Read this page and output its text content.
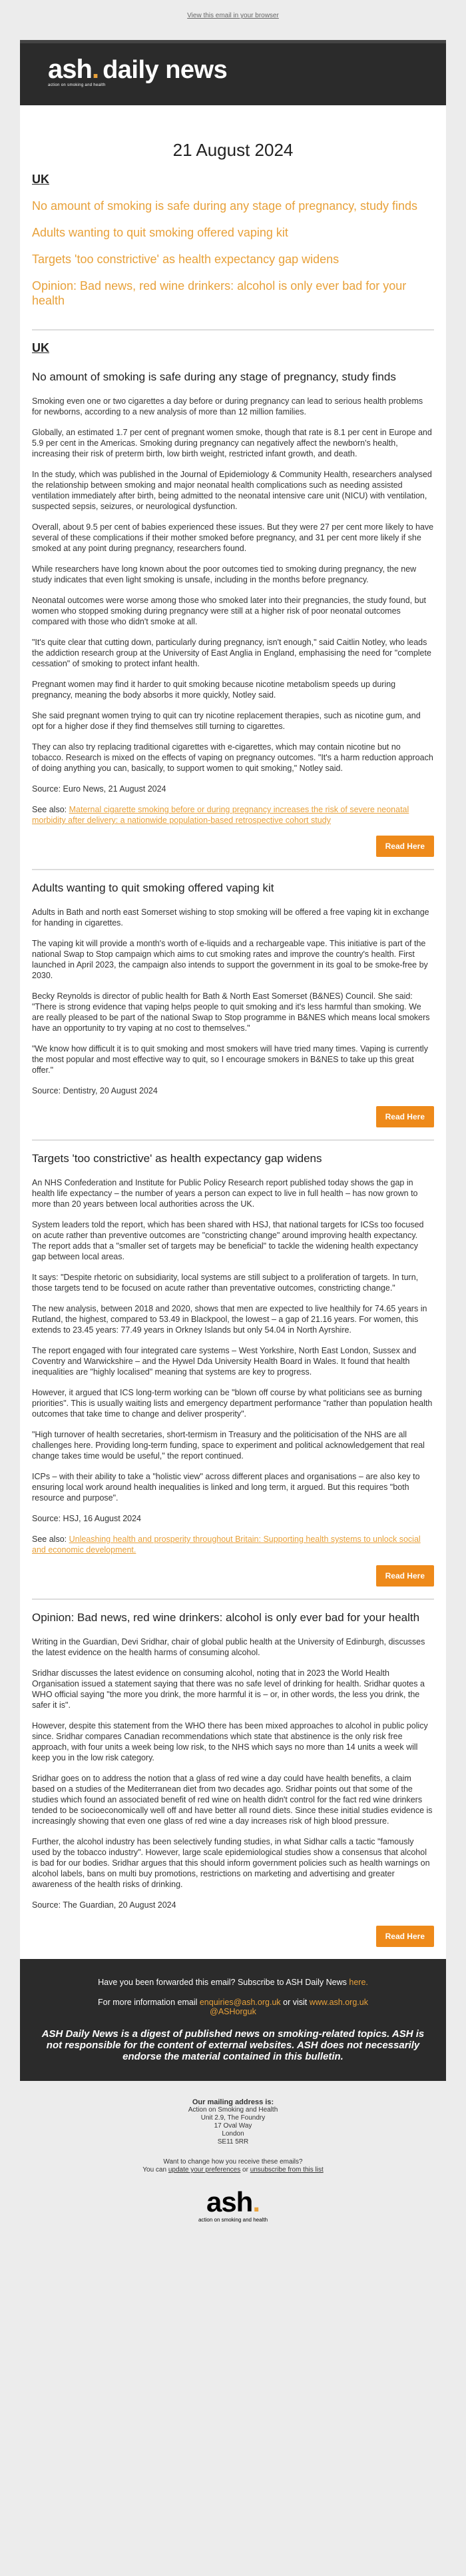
View this email in your browser
ash. daily news
action on smoking and health
21 August 2024
UK
No amount of smoking is safe during any stage of pregnancy, study finds
Adults wanting to quit smoking offered vaping kit
Targets 'too constrictive' as health expectancy gap widens
Opinion: Bad news, red wine drinkers: alcohol is only ever bad for your health
UK
No amount of smoking is safe during any stage of pregnancy, study finds

Smoking even one or two cigarettes a day before or during pregnancy can lead to serious health problems for newborns, according to a new analysis of more than 12 million families.

Globally, an estimated 1.7 per cent of pregnant women smoke, though that rate is 8.1 per cent in Europe and 5.9 per cent in the Americas. Smoking during pregnancy can negatively affect the newborn's health, increasing their risk of preterm birth, low birth weight, restricted infant growth, and death.

In the study, which was published in the Journal of Epidemiology & Community Health, researchers analysed the relationship between smoking and major neonatal health complications such as needing assisted ventilation immediately after birth, being admitted to the neonatal intensive care unit (NICU) with ventilation, suspected sepsis, seizures, or neurological dysfunction.

Overall, about 9.5 per cent of babies experienced these issues. But they were 27 per cent more likely to have several of these complications if their mother smoked before pregnancy, and 31 per cent more likely if she smoked at any point during pregnancy, researchers found.

While researchers have long known about the poor outcomes tied to smoking during pregnancy, the new study indicates that even light smoking is unsafe, including in the months before pregnancy.

Neonatal outcomes were worse among those who smoked later into their pregnancies, the study found, but women who stopped smoking during pregnancy were still at a higher risk of poor neonatal outcomes compared with those who didn't smoke at all.

"It's quite clear that cutting down, particularly during pregnancy, isn't enough," said Caitlin Notley, who leads the addiction research group at the University of East Anglia in England, emphasising the need for "complete cessation" of smoking to protect infant health.

Pregnant women may find it harder to quit smoking because nicotine metabolism speeds up during pregnancy, meaning the body absorbs it more quickly, Notley said.

She said pregnant women trying to quit can try nicotine replacement therapies, such as nicotine gum, and opt for a higher dose if they find themselves still turning to cigarettes.

They can also try replacing traditional cigarettes with e-cigarettes, which may contain nicotine but no tobacco. Research is mixed on the effects of vaping on pregnancy outcomes. "It's a harm reduction approach of doing anything you can, basically, to support women to quit smoking," Notley said.

Source: Euro News, 21 August 2024

See also: Maternal cigarette smoking before or during pregnancy increases the risk of severe neonatal morbidity after delivery: a nationwide population-based retrospective cohort study

Read Here
Adults wanting to quit smoking offered vaping kit

Adults in Bath and north east Somerset wishing to stop smoking will be offered a free vaping kit in exchange for handing in cigarettes.

The vaping kit will provide a month's worth of e-liquids and a rechargeable vape. This initiative is part of the national Swap to Stop campaign which aims to cut smoking rates and improve the country's health. First launched in April 2023, the campaign also intends to support the government in its goal to be smoke-free by 2030.

Becky Reynolds is director of public health for Bath & North East Somerset (B&NES) Council. She said: "There is strong evidence that vaping helps people to quit smoking and it's less harmful than smoking. We are really pleased to be part of the national Swap to Stop programme in B&NES which means local smokers have an opportunity to try vaping at no cost to themselves."

"We know how difficult it is to quit smoking and most smokers will have tried many times. Vaping is currently the most popular and most effective way to quit, so I encourage smokers in B&NES to take up this great offer."

Source: Dentistry, 20 August 2024

Read Here
Targets 'too constrictive' as health expectancy gap widens

An NHS Confederation and Institute for Public Policy Research report published today shows the gap in health life expectancy – the number of years a person can expect to live in full health – has now grown to more than 20 years between local authorities across the UK.

System leaders told the report, which has been shared with HSJ, that national targets for ICSs too focused on acute rather than preventive outcomes are "constricting change" around improving health expectancy.
The report adds that a "smaller set of targets may be beneficial" to tackle the widening health expectancy gap between local areas.

It says: "Despite rhetoric on subsidiarity, local systems are still subject to a proliferation of targets. In turn, those targets tend to be focused on acute rather than preventative outcomes, constricting change."

The new analysis, between 2018 and 2020, shows that men are expected to live healthily for 74.65 years in Rutland, the highest, compared to 53.49 in Blackpool, the lowest – a gap of 21.16 years. For women, this extends to 23.45 years: 77.49 years in Orkney Islands but only 54.04 in North Ayrshire.

The report engaged with four integrated care systems – West Yorkshire, North East London, Sussex and Coventry and Warwickshire – and the Hywel Dda University Health Board in Wales. It found that health inequalities are "highly localised" meaning that systems are key to progress.

However, it argued that ICS long-term working can be "blown off course by what politicians see as burning priorities". This is usually waiting lists and emergency department performance "rather than population health outcomes that take time to change and deliver prosperity".

"High turnover of health secretaries, short-termism in Treasury and the politicisation of the NHS are all challenges here. Providing long-term funding, space to experiment and political acknowledgement that real change takes time would be useful," the report continued.

ICPs – with their ability to take a "holistic view" across different places and organisations – are also key to ensuring local work around health inequalities is linked and long term, it argued. But this requires "both resource and purpose".

Source: HSJ, 16 August 2024

See also: Unleashing health and prosperity throughout Britain: Supporting health systems to unlock social and economic development.

Read Here
Opinion: Bad news, red wine drinkers: alcohol is only ever bad for your health

Writing in the Guardian, Devi Sridhar, chair of global public health at the University of Edinburgh, discusses the latest evidence on the health harms of consuming alcohol.

Sridhar discusses the latest evidence on consuming alcohol, noting that in 2023 the World Health Organisation issued a statement saying that there was no safe level of drinking for health. Sridhar quotes a WHO official saying "the more you drink, the more harmful it is – or, in other words, the less you drink, the safer it is".

However, despite this statement from the WHO there has been mixed approaches to alcohol in public policy since. Sridhar compares Canadian recommendations which state that abstinence is the only risk free approach, with four units a week being low risk, to the NHS which says no more than 14 units a week will keep you in the low risk category.

Sridhar goes on to address the notion that a glass of red wine a day could have health benefits, a claim based on a studies of the Mediterranean diet from two decades ago. Sridhar points out that some of the studies which found an associated benefit of red wine on health didn't control for the fact red wine drinkers tended to be socioeconomically well off and have better all round diets. Since these initial studies evidence is increasingly showing that even one glass of red wine a day increases risk of high blood pressure.

Further, the alcohol industry has been selectively funding studies, in what Sidhar calls a tactic "famously used by the tobacco industry". However, large scale epidemiological studies show a consensus that alcohol is bad for our bodies. Sridhar argues that this should inform government policies such as health warnings on alcohol labels, bans on multi buy promotions, restrictions on marketing and advertising and greater awareness of the health risks of drinking.

Source: The Guardian, 20 August 2024

Read Here

Have you been forwarded this email? Subscribe to ASH Daily News here.

For more information email enquiries@ash.org.uk or visit www.ash.org.uk
@ASHorguk

ASH Daily News is a digest of published news on smoking-related topics. ASH is not responsible for the content of external websites. ASH does not necessarily endorse the material contained in this bulletin.
Our mailing address is:
Action on Smoking and Health
Unit 2.9, The Foundry
17 Oval Way
London
SE11 5RR
Want to change how you receive these emails?
You can update your preferences or unsubscribe from this list
ash.
action on smoking and health
